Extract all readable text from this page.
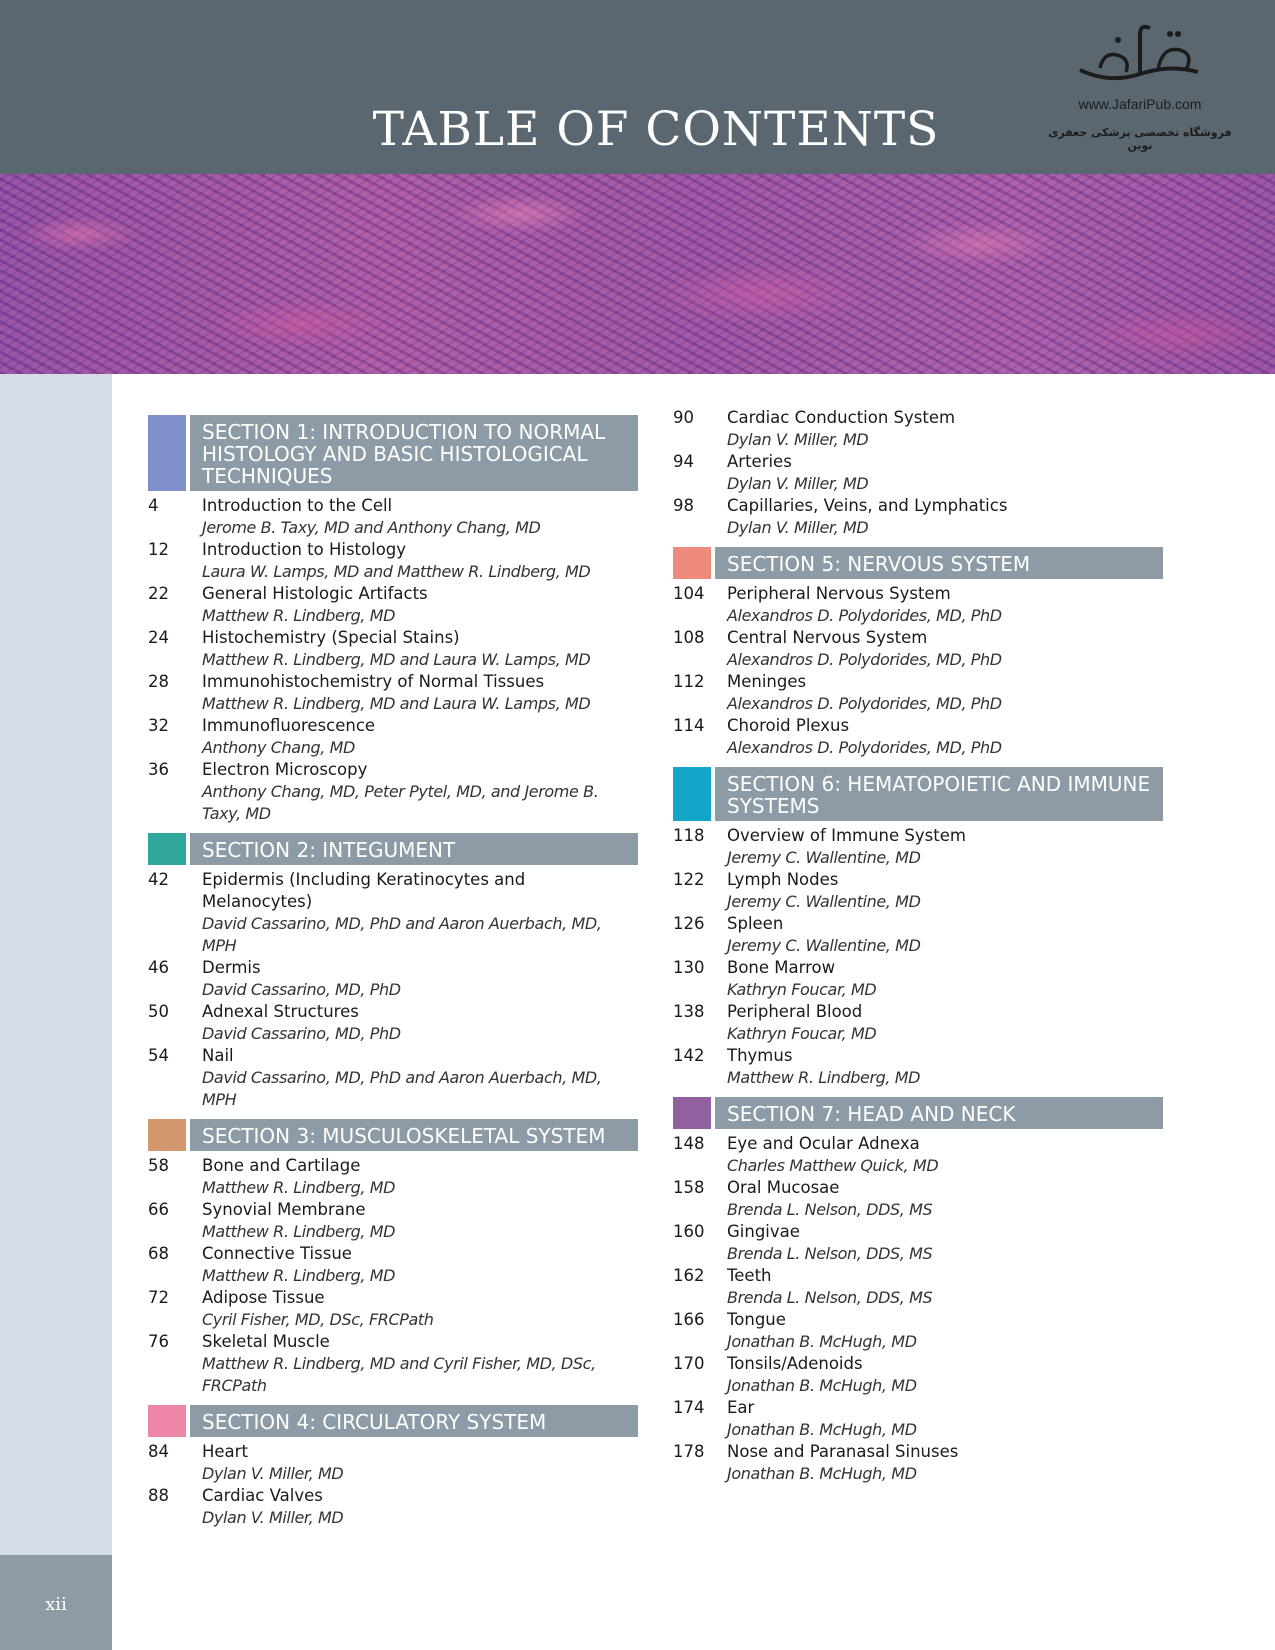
TABLE OF CONTENTS	www.JafariPub.com
فروشگاه تخصصی پزشکی جعفری نوین
xii
SECTION 1: INTRODUCTION TO NORMAL HISTOLOGY AND BASIC HISTOLOGICAL TECHNIQUES
4	Introduction to the Cell
Jerome B. Taxy, MD and Anthony Chang, MD
12	Introduction to Histology
Laura W. Lamps, MD and Matthew R. Lindberg, MD
22	General Histologic Artifacts
Matthew R. Lindberg, MD
24	Histochemistry (Special Stains)
Matthew R. Lindberg, MD and Laura W. Lamps, MD
28	Immunohistochemistry of Normal Tissues
Matthew R. Lindberg, MD and Laura W. Lamps, MD
32	Immunofluorescence
Anthony Chang, MD
36	Electron Microscopy
Anthony Chang, MD, Peter Pytel, MD, and Jerome B. Taxy, MD
SECTION 2: INTEGUMENT
42	Epidermis (Including Keratinocytes and Melanocytes)
David Cassarino, MD, PhD and Aaron Auerbach, MD, MPH
46	Dermis
David Cassarino, MD, PhD
50	Adnexal Structures
David Cassarino, MD, PhD
54	Nail
David Cassarino, MD, PhD and Aaron Auerbach, MD, MPH
SECTION 3: MUSCULOSKELETAL SYSTEM
58	Bone and Cartilage
Matthew R. Lindberg, MD
66	Synovial Membrane
Matthew R. Lindberg, MD
68	Connective Tissue
Matthew R. Lindberg, MD
72	Adipose Tissue
Cyril Fisher, MD, DSc, FRCPath
76	Skeletal Muscle
Matthew R. Lindberg, MD and Cyril Fisher, MD, DSc, FRCPath
SECTION 4: CIRCULATORY SYSTEM
84	Heart
Dylan V. Miller, MD
88	Cardiac Valves
Dylan V. Miller, MD
90	Cardiac Conduction System
Dylan V. Miller, MD
94	Arteries
Dylan V. Miller, MD
98	Capillaries, Veins, and Lymphatics
Dylan V. Miller, MD
SECTION 5: NERVOUS SYSTEM
104	Peripheral Nervous System
Alexandros D. Polydorides, MD, PhD
108	Central Nervous System
Alexandros D. Polydorides, MD, PhD
112	Meninges
Alexandros D. Polydorides, MD, PhD
114	Choroid Plexus
Alexandros D. Polydorides, MD, PhD
SECTION 6: HEMATOPOIETIC AND IMMUNE SYSTEMS
118	Overview of Immune System
Jeremy C. Wallentine, MD
122	Lymph Nodes
Jeremy C. Wallentine, MD
126	Spleen
Jeremy C. Wallentine, MD
130	Bone Marrow
Kathryn Foucar, MD
138	Peripheral Blood
Kathryn Foucar, MD
142	Thymus
Matthew R. Lindberg, MD
SECTION 7: HEAD AND NECK
148	Eye and Ocular Adnexa
Charles Matthew Quick, MD
158	Oral Mucosae
Brenda L. Nelson, DDS, MS
160	Gingivae
Brenda L. Nelson, DDS, MS
162	Teeth
Brenda L. Nelson, DDS, MS
166	Tongue
Jonathan B. McHugh, MD
170	Tonsils/Adenoids
Jonathan B. McHugh, MD
174	Ear
Jonathan B. McHugh, MD
178	Nose and Paranasal Sinuses
Jonathan B. McHugh, MD
